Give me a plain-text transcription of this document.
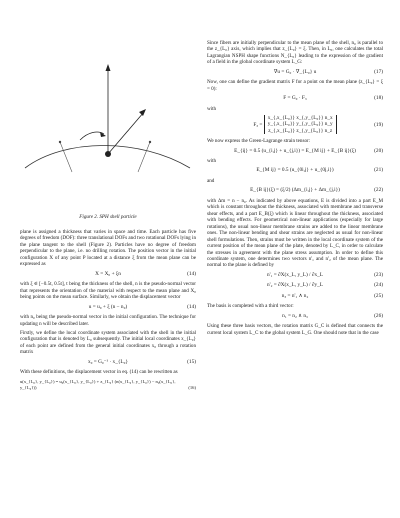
Figure 2. SPH shell particle

plane is assigned a thickness that varies in space and time. Each particle has five degrees of freedom (DOF): three translational DOFs and two rotational DOFs lying in the plane tangent to the shell (Figure 2). Particles have no degree of freedom perpendicular to the plane, i.e. no drilling rotation. The position vector in the initial configuration X of any point P located at a distance ξ from the mean plane can be expressed as

X = X₀ + ξn	(14)

with ξ ∈ [−0.5t, 0.5t], t being the thickness of the shell, n is the pseudo-normal vector that represents the orientation of the material with respect to the mean plane and X₀ being points on the mean surface. Similarly, we obtain the displacement vector

u = u₀ + ξ (n − n₀)	(14)

with n₀ being the pseudo-normal vector in the initial configuration. The technique for updating n will be described later.

Firstly, we define the local coordinate system associated with the shell in the initial configuration that is denoted by L₀ subsequently. The initial local coordinates x_{L₀} of each point are defined from the general initial coordinates x₀ through a rotation matrix

x₀ = G₀⁻¹ · x_{L₀}	(15)

With these definitions, the displacement vector in eq. (14) can be rewritten as

u(x_{L₀}, y_{L₀}) = u₀(x_{L₀}, y_{L₀}) + z_{L₀} (n(x_{L₀}, y_{L₀}) − n₀(x_{L₀}, y_{L₀}))	(16)

Since fibers are initially perpendicular to the mean plane of the shell, n₀ is parallel to the z_{L₀} axis, which implies that z_{L₀} = ξ. Then, in L₀, one calculates the total Lagrangian NSPH shape functions N_{L₀} leading to the expression of the gradient of a field in the global coordinate system L_G:

∇u = G₀ · ∇_{L₀} u	(17)

Now, one can define the gradient matrix F for a point on the mean plane (z_{L₀} = ξ = 0):

F = G₀ · F₃	(18)

with

F₃ =
x_{,x_{L₀}} x_{,y_{L₀}} n_x
y_{,x_{L₀}} y_{,y_{L₀}} n_y
z_{,x_{L₀}} z_{,y_{L₀}} n_z
(19)

We now express the Green-Lagrange strain tensor:

E_{ij} = 0.5 (u_{i,j} + u_{j,i}) = E_{M ij} + E_{B ij}(ξ)	(20)

with

E_{M ij} = 0.5 (u_{0i,j} + u_{0j,i})	(21)

and

E_{B ij}(ξ) = (ξ/2) (Δm_{i,j} + Δm_{j,i})	(22)

with Δm = n − n₀. As indicated by above equations, E is divided into a part E_M which is constant throughout the thickness, associated with membrane and transverse shear effects, and a part E_B(ξ) which is linear throughout the thickness, associated with bending effects. For geometrical non-linear applications (especially for large rotations), the usual non-linear membrane strains are added to the linear membrane ones. The non-linear bending and shear strains are neglected as usual for non-linear shell formulations. Then, strains must be written in the local coordinate system of the current position of the mean plane of the plate, denoted by L_C, in order to calculate the stresses in agreement with the plane stress assumption. In order to define this coordinate system, one determines two vectors n'₁ and n'₂ of the mean plane. The normal to the plane is defined by

n'₁ = ∂X(x_L, y_L) / ∂x_L	(23)
n'₂ = ∂X(x_L, y_L) / ∂y_L	(24)
n₃ = n'₁ ∧ n₂	(25)

The basis is completed with a third vector:

n₁ = n₂ ∧ n₃	(26)

Using these three basis vectors, the rotation matrix G_C is defined that connects the current local system L_C to the global system L_G. One should note that in the case
